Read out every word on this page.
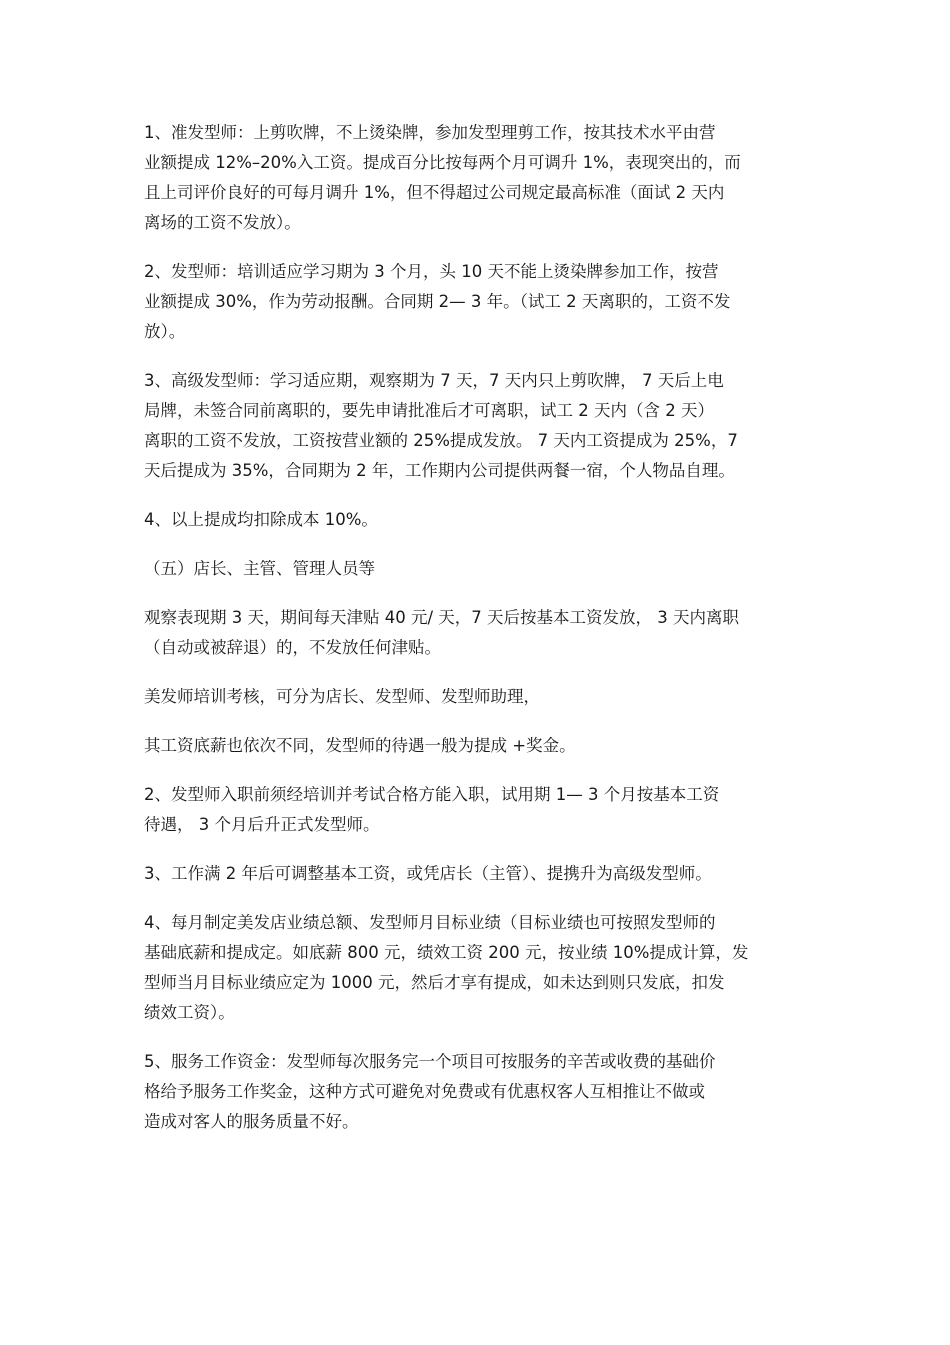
1、准发型师：上剪吹牌，不上烫染牌，参加发型理剪工作，按其技术水平由营
业额提成 12%–20%入工资。提成百分比按每两个月可调升 1%，表现突出的，而
且上司评价良好的可每月调升 1%，但不得超过公司规定最高标准（面试 2 天内
离场的工资不发放）。
2、发型师：培训适应学习期为 3 个月，头 10 天不能上烫染牌参加工作，按营
业额提成 30%，作为劳动报酬。合同期 2— 3 年。（试工 2 天离职的，工资不发
放）。
3、高级发型师：学习适应期，观察期为 7 天，7 天内只上剪吹牌， 7 天后上电
局牌，未签合同前离职的，要先申请批准后才可离职，试工 2 天内（含 2 天）
离职的工资不发放，工资按营业额的 25%提成发放。 7 天内工资提成为 25%，7
天后提成为 35%，合同期为 2 年，工作期内公司提供两餐一宿，个人物品自理。
4、以上提成均扣除成本 10%。
（五）店长、主管、管理人员等
观察表现期 3 天，期间每天津贴 40 元/ 天，7 天后按基本工资发放， 3 天内离职
（自动或被辞退）的，不发放任何津贴。
美发师培训考核，可分为店长、发型师、发型师助理，
其工资底薪也依次不同，发型师的待遇一般为提成 +奖金。
2、发型师入职前须经培训并考试合格方能入职，试用期 1— 3 个月按基本工资
待遇， 3 个月后升正式发型师。
3、工作满 2 年后可调整基本工资，或凭店长（主管）、提携升为高级发型师。
4、每月制定美发店业绩总额、发型师月目标业绩（目标业绩也可按照发型师的
基础底薪和提成定。如底薪 800 元，绩效工资 200 元，按业绩 10%提成计算，发
型师当月目标业绩应定为 1000 元，然后才享有提成，如未达到则只发底，扣发
绩效工资）。
5、服务工作资金：发型师每次服务完一个项目可按服务的辛苦或收费的基础价
格给予服务工作奖金，这种方式可避免对免费或有优惠权客人互相推让不做或
造成对客人的服务质量不好。
